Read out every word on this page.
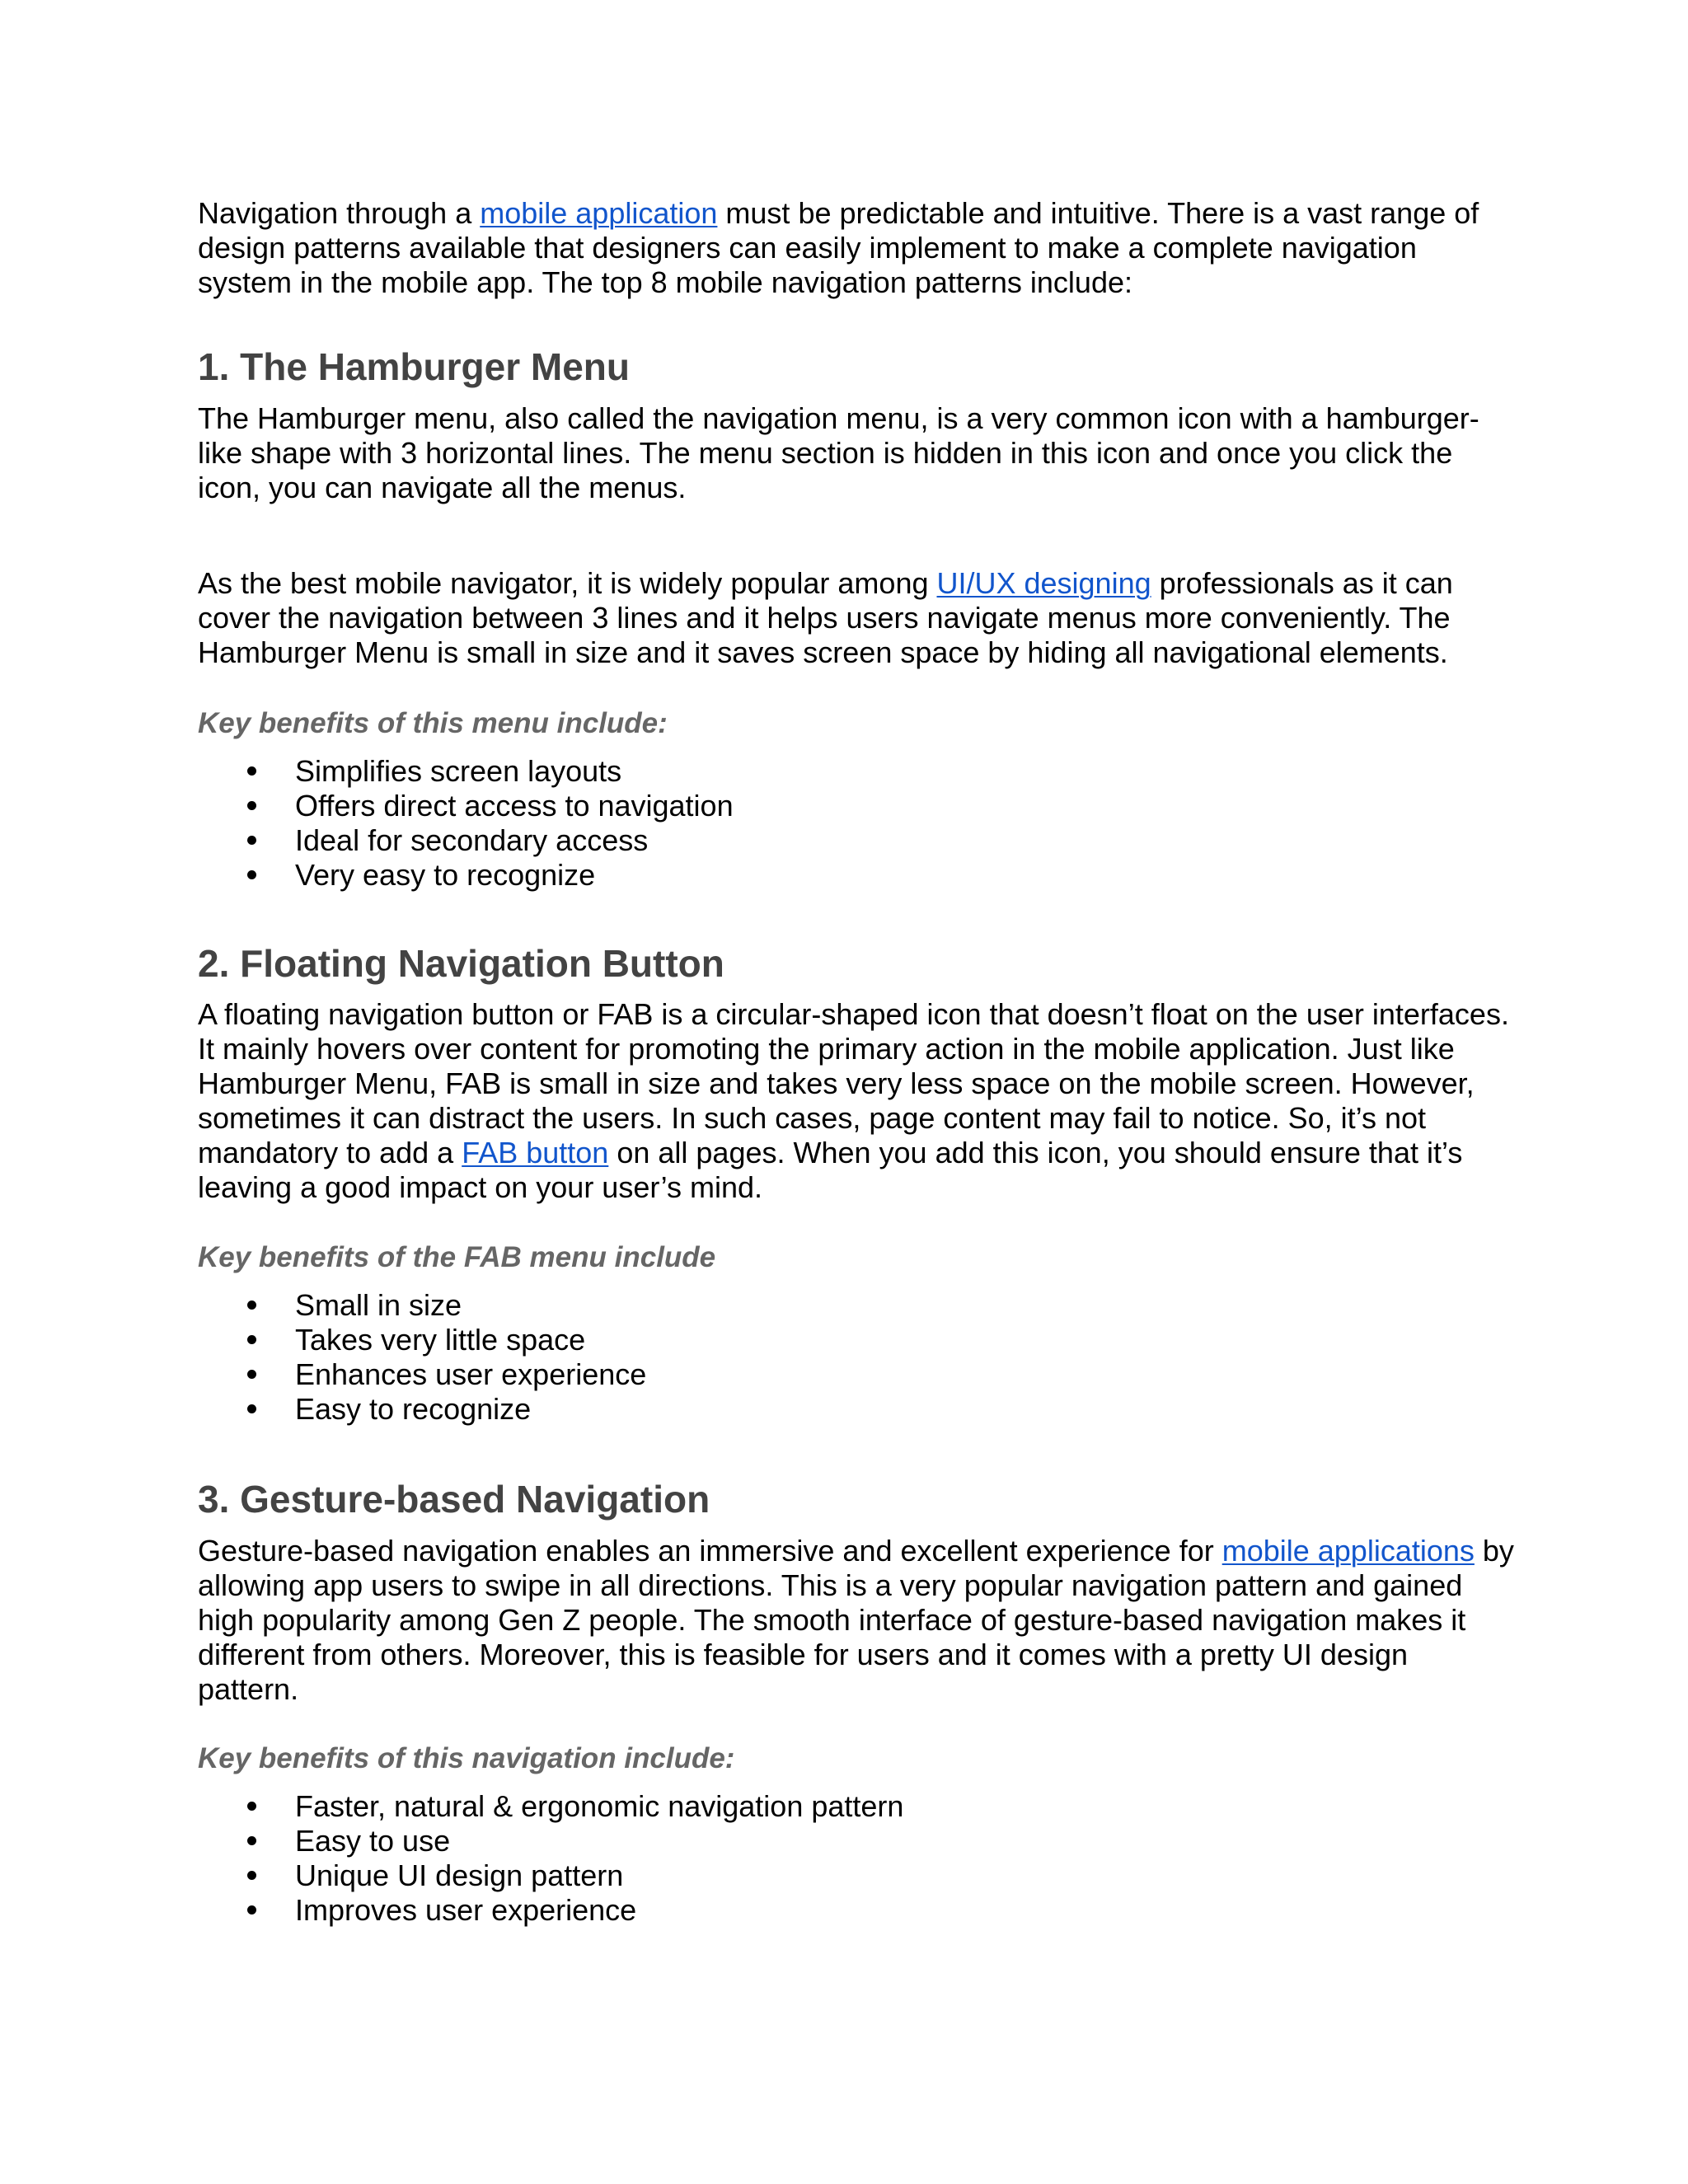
Navigation through a mobile application must be predictable and intuitive. There is a vast range of design patterns available that designers can easily implement to make a complete navigation system in the mobile app. The top 8 mobile navigation patterns include:

1. The Hamburger Menu

The Hamburger menu, also called the navigation menu, is a very common icon with a hamburger-like shape with 3 horizontal lines. The menu section is hidden in this icon and once you click the icon, you can navigate all the menus.

As the best mobile navigator, it is widely popular among UI/UX designing professionals as it can cover the navigation between 3 lines and it helps users navigate menus more conveniently. The Hamburger Menu is small in size and it saves screen space by hiding all navigational elements.

Key benefits of this menu include:

Simplifies screen layouts
Offers direct access to navigation
Ideal for secondary access
Very easy to recognize
2. Floating Navigation Button

A floating navigation button or FAB is a circular-shaped icon that doesn’t float on the user interfaces. It mainly hovers over content for promoting the primary action in the mobile application. Just like Hamburger Menu, FAB is small in size and takes very less space on the mobile screen. However, sometimes it can distract the users. In such cases, page content may fail to notice. So, it’s not mandatory to add a FAB button on all pages. When you add this icon, you should ensure that it’s leaving a good impact on your user’s mind.

Key benefits of the FAB menu include

Small in size
Takes very little space
Enhances user experience
Easy to recognize
3. Gesture-based Navigation

Gesture-based navigation enables an immersive and excellent experience for mobile applications by allowing app users to swipe in all directions. This is a very popular navigation pattern and gained high popularity among Gen Z people. The smooth interface of gesture-based navigation makes it different from others. Moreover, this is feasible for users and it comes with a pretty UI design pattern.

Key benefits of this navigation include:

Faster, natural & ergonomic navigation pattern
Easy to use
Unique UI design pattern
Improves user experience
